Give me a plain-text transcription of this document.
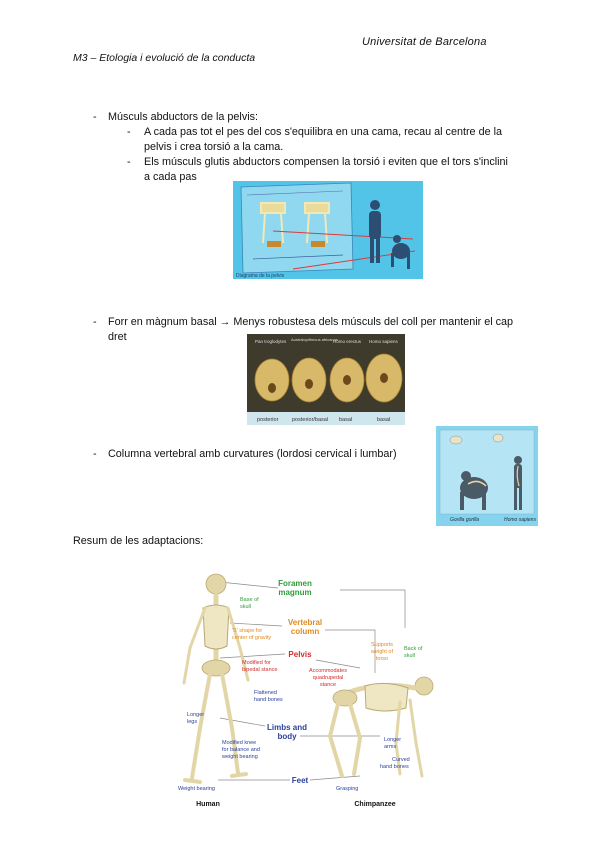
Universitat de Barcelona
M3 – Etologia i evolució de la conducta
- Músculs abductors de la pelvis:
- A cada pas tot el pes del cos s'equilibra en una cama, recau al centre de la
pelvis i crea torsió a la cama.
- Els músculs glutis abductors compensen la torsió i eviten que el tors s'inclini
a cada pas
Diagrama de la pelvis
- Forr en màgnum basal → Menys robustesa dels músculs del coll per mantenir el cap
dret	Pan troglodytes Australopithecus africanus
Homo erectus Homo sapiens
posterior posterior/basal basal	basal
- Columna vertebral amb curvatures (lordosi cervical i lumbar)
Gorilla gorilla	Homo sapiens
Resum de les adaptacions:
Foramen
magnum
Base of
skull
Vertebral
column
'S' shape for
center of gravity
Supports
weight of
torso
Back of
skull
Pelvis
Modified for
bipedal stance	Accommodates
quadrupedal
stance
Flattened
hand bones
Longer
legs
Limbs and
body	Longer
arms
Modified knee
for balance and
weight bearing	Curved
hand bones
Feet
Weight bearing	Grasping
Human	Chimpanzee
